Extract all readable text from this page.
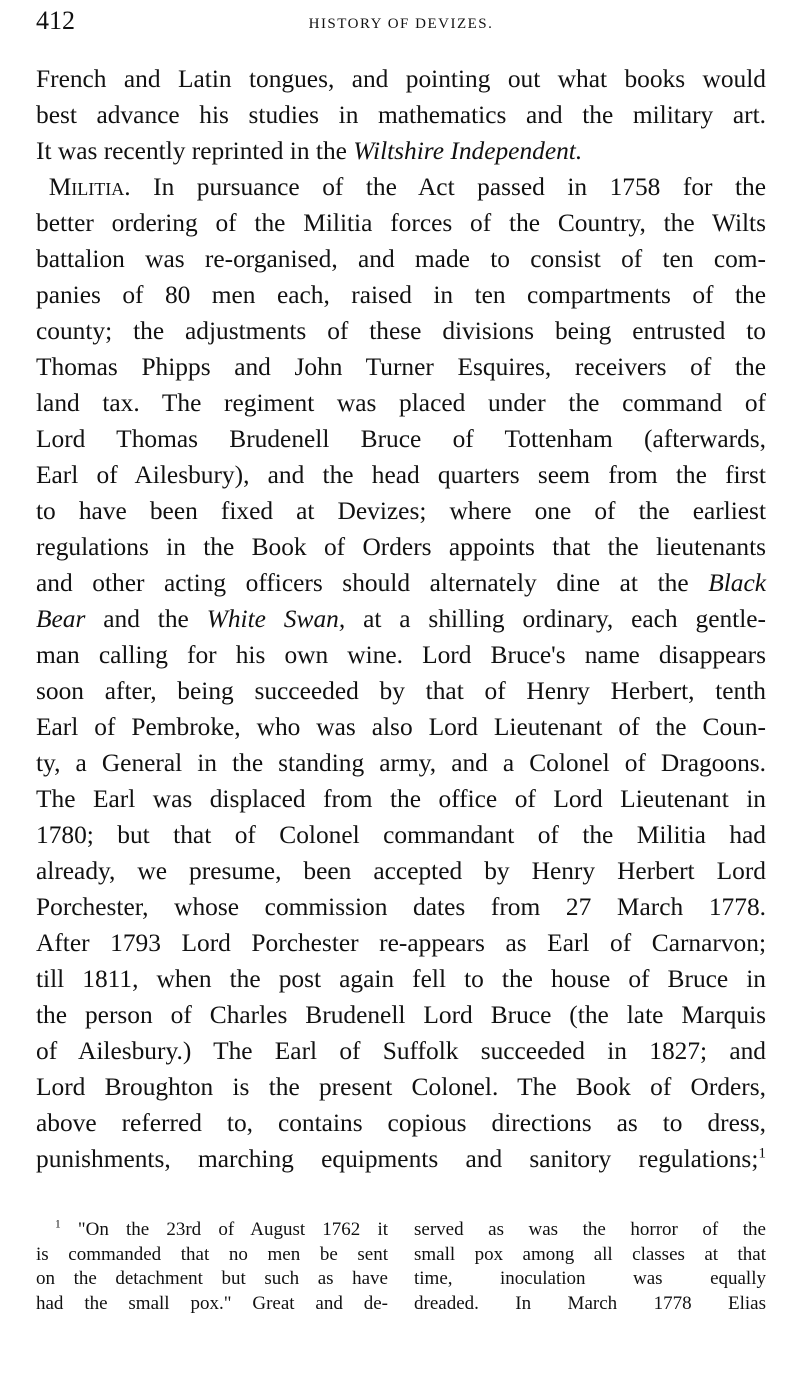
412	HISTORY OF DEVIZES.
French and Latin tongues, and pointing out what books would
best advance his studies in mathematics and the military art.
It was recently reprinted in the Wiltshire Independent.
 Militia. In pursuance of the Act passed in 1758 for the
better ordering of the Militia forces of the Country, the Wilts
battalion was re-organised, and made to consist of ten com-
panies of 80 men each, raised in ten compartments of the
county; the adjustments of these divisions being entrusted to
Thomas Phipps and John Turner Esquires, receivers of the
land tax. The regiment was placed under the command of
Lord Thomas Brudenell Bruce of Tottenham (afterwards,
Earl of Ailesbury), and the head quarters seem from the first
to have been fixed at Devizes; where one of the earliest
regulations in the Book of Orders appoints that the lieutenants
and other acting officers should alternately dine at the Black
Bear and the White Swan, at a shilling ordinary, each gentle-
man calling for his own wine. Lord Bruce's name disappears
soon after, being succeeded by that of Henry Herbert, tenth
Earl of Pembroke, who was also Lord Lieutenant of the Coun-
ty, a General in the standing army, and a Colonel of Dragoons.
The Earl was displaced from the office of Lord Lieutenant in
1780; but that of Colonel commandant of the Militia had
already, we presume, been accepted by Henry Herbert Lord
Porchester, whose commission dates from 27 March 1778.
After 1793 Lord Porchester re-appears as Earl of Carnarvon;
till 1811, when the post again fell to the house of Bruce in
the person of Charles Brudenell Lord Bruce (the late Marquis
of Ailesbury.) The Earl of Suffolk succeeded in 1827; and
Lord Broughton is the present Colonel. The Book of Orders,
above referred to, contains copious directions as to dress,
punishments, marching equipments and sanitory regulations;$^1$
 $^1$ "On the 23rd of August 1762 it
is commanded that no men be sent
on the detachment but such as have
had the small pox." Great and de-
served as was the horror of the
small pox among all classes at that
time, inoculation was equally
dreaded. In March 1778 Elias
